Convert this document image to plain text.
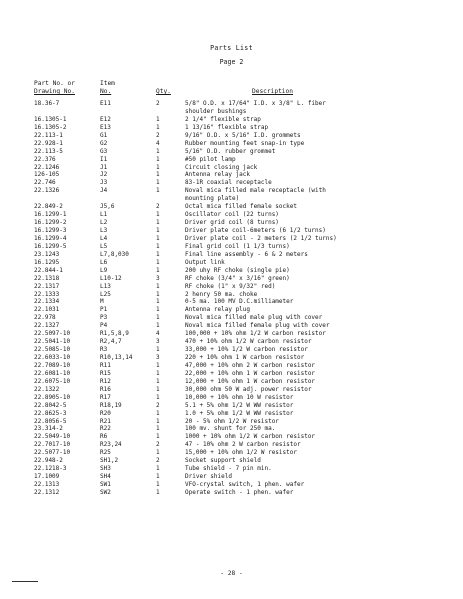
Parts List
Page 2
Part No. or
Drawing No.
Item
No.	Qty.	Description
18.36-7	E11	2	5/8" O.D. x 17/64" I.D. x 3/8" L. fiber
shoulder bushings
16.1305-1	E12	1	2 1/4" flexible strap
16.1305-2	E13	1	1 13/16" flexible strap
22.113-1	G1	2	9/16" O.D. x 5/16" I.D. grommets
22.928-1	G2	4	Rubber mounting feet snap-in type
22.113-5	G3	1	5/16" O.D. rubber grommet
22.376	I1	1	#50 pilot lamp
22.1246	J1	1	Circuit closing jack
126-105	J2	1	Antenna relay jack
22.746	J3	1	83-1R coaxial receptacle
22.1326	J4	1	Noval mica filled male receptacle (with
mounting plate)
22.849-2	J5,6	2	Octal mica filled female socket
16.1299-1	L1	1	Oscillator coil (22 turns)
16.1299-2	L2	1	Driver grid coil (8 turns)
16.1299-3	L3	1	Driver plate coil-6meters (6 1/2 turns)
16.1299-4	L4	1	Driver plate coil - 2 meters (2 1/2 turns)
16.1299-5	L5	1	Final grid coil (1 1/3 turns)
23.1243	L7,8,030	1	Final line assembly - 6 & 2 meters
16.1295	L6	1	Output link
22.844-1	L9	1	200 uhy RF choke (single pie)
22.1318	L10-12	3	RF choke (3/4" x 3/16" green)
22.1317	L13	1	RF choke (1" x 9/32" red)
22.1333	L25	1	2 henry 50 ma. choke
22.1334	M	1	0-5 ma. 100 MV D.C.milliameter
22.1031	P1	1	Antenna relay plug
22.978	P3	1	Noval mica filled male plug with cover
22.1327	P4	1	Noval mica filled female plug with cover
22.5097-10	R1,5,8,9	4	100,000 + 10% ohm 1/2 W carbon resistor
22.5041-10	R2,4,7	3	470 + 10% ohm 1/2 W carbon resistor
22.5085-10	R3	1	33,000 + 10% 1/2 W carbon resistor
22.6033-10	R10,13,14	3	220 + 10% ohm 1 W carbon resistor
22.7089-10	R11	1	47,000 + 10% ohm 2 W carbon resistor
22.6081-10	R15	1	22,000 + 10% ohm 1 W carbon resistor
22.6075-10	R12	1	12,000 + 10% ohm 1 W carbon resistor
22.1322	R16	1	30,000 ohm 50 W adj. power resistor
22.8905-10	R17	1	10,000 + 10% ohm 10 W resistor
22.8042-5	R18,19	2	5.1 + 5% ohm 1/2 W WW resistor
22.8625-3	R20	1	1.0 + 5% ohm 1/2 W WW resistor
22.8056-5	R21	1	20 - 5% ohm 1/2 W resistor
23.314-2	R22	1	100 mv. shunt for 250 ma.
22.5049-10	R6	1	1000 + 10% ohm 1/2 W carbon resistor
22.7017-10	R23,24	2	47 - 10% ohm 2 W carbon resistor
22.5077-10	R25	1	15,000 + 10% ohm 1/2 W resistor
22.948-2	SH1,2	2	Socket support shield
22.1218-3	SH3	1	Tube shield - 7 pin min.
17.1009	SH4	1	Driver shield
22.1313	SW1	1	VFO-crystal switch, 1 phen. wafer
22.1312	SW2	1	Operate switch - 1 phen. wafer
- 28 -
